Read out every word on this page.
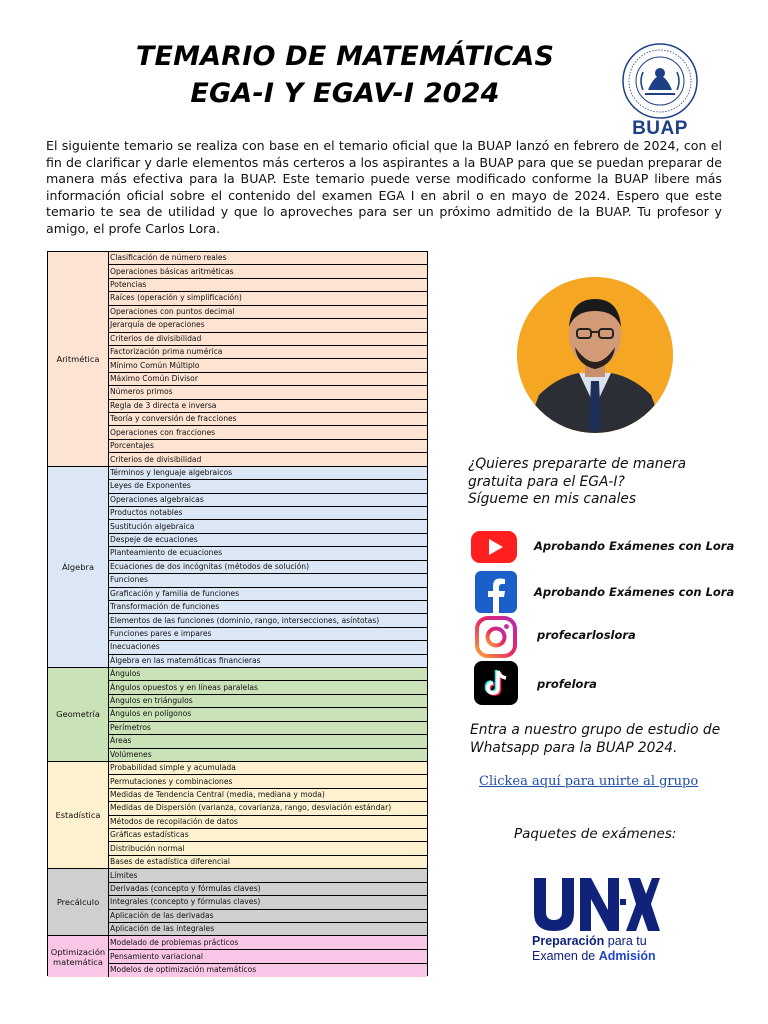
TEMARIO DE MATEMÁTICAS
EGA-I Y EGAV-I 2024
BUAP

El siguiente temario se realiza con base en el temario oficial que la BUAP lanzó en febrero de 2024, con el fin de clarificar y darle elementos más certeros a los aspirantes a la BUAP para que se puedan preparar de manera más efectiva para la BUAP. Este temario puede verse modificado conforme la BUAP libere más información oficial sobre el contenido del examen EGA I en abril o en mayo de 2024. Espero que este temario te sea de utilidad y que lo aproveches para ser un próximo admitido de la BUAP. Tu profesor y amigo, el profe Carlos Lora.

Aritmética
Clasificación de número reales
Operaciones básicas aritméticas
Potencias
Raíces (operación y simplificación)
Operaciones con puntos decimal
Jerarquía de operaciones
Criterios de divisibilidad
Factorización prima numérica
Mínimo Común Múltiplo
Máximo Común Divisor
Números primos
Regla de 3 directa e inversa
Teoría y conversión de fracciones
Operaciones con fracciones
Porcentajes
Criterios de divisibilidad
Álgebra
Términos y lenguaje algebraicos
Leyes de Exponentes
Operaciones algebraicas
Productos notables
Sustitución algebraica
Despeje de ecuaciones
Planteamiento de ecuaciones
Ecuaciones de dos incógnitas (métodos de solución)
Funciones
Graficación y familia de funciones
Transformación de funciones
Elementos de las funciones (dominio, rango, intersecciones, asíntotas)
Funciones pares e impares
Inecuaciones
Álgebra en las matemáticas financieras
Geometría
Ángulos
Ángulos opuestos y en líneas paralelas
Ángulos en triángulos
Ángulos en polígonos
Perímetros
Áreas
Volúmenes
Estadística
Probabilidad simple y acumulada
Permutaciones y combinaciones
Medidas de Tendencia Central (media, mediana y moda)
Medidas de Dispersión (varianza, covarianza, rango, desviación estándar)
Métodos de recopilación de datos
Gráficas estadísticas
Distribución normal
Bases de estadística diferencial
Precálculo
Límites
Derivadas (concepto y fórmulas claves)
Integrales (concepto y fórmulas claves)
Aplicación de las derivadas
Aplicación de las integrales
Optimización matemática
Modelado de problemas prácticos
Pensamiento variacional
Modelos de optimización matemáticos
¿Quieres prepararte de manera
gratuita para el EGA-I?
Sígueme en mis canales
Aprobando Exámenes con Lora
Aprobando Exámenes con Lora
profecarloslora
profelora
Entra a nuestro grupo de estudio de
Whatsapp para la BUAP 2024.
Clickea aquí para unirte al grupo
Paquetes de exámenes:
Preparación para tu
Examen de Admisión
